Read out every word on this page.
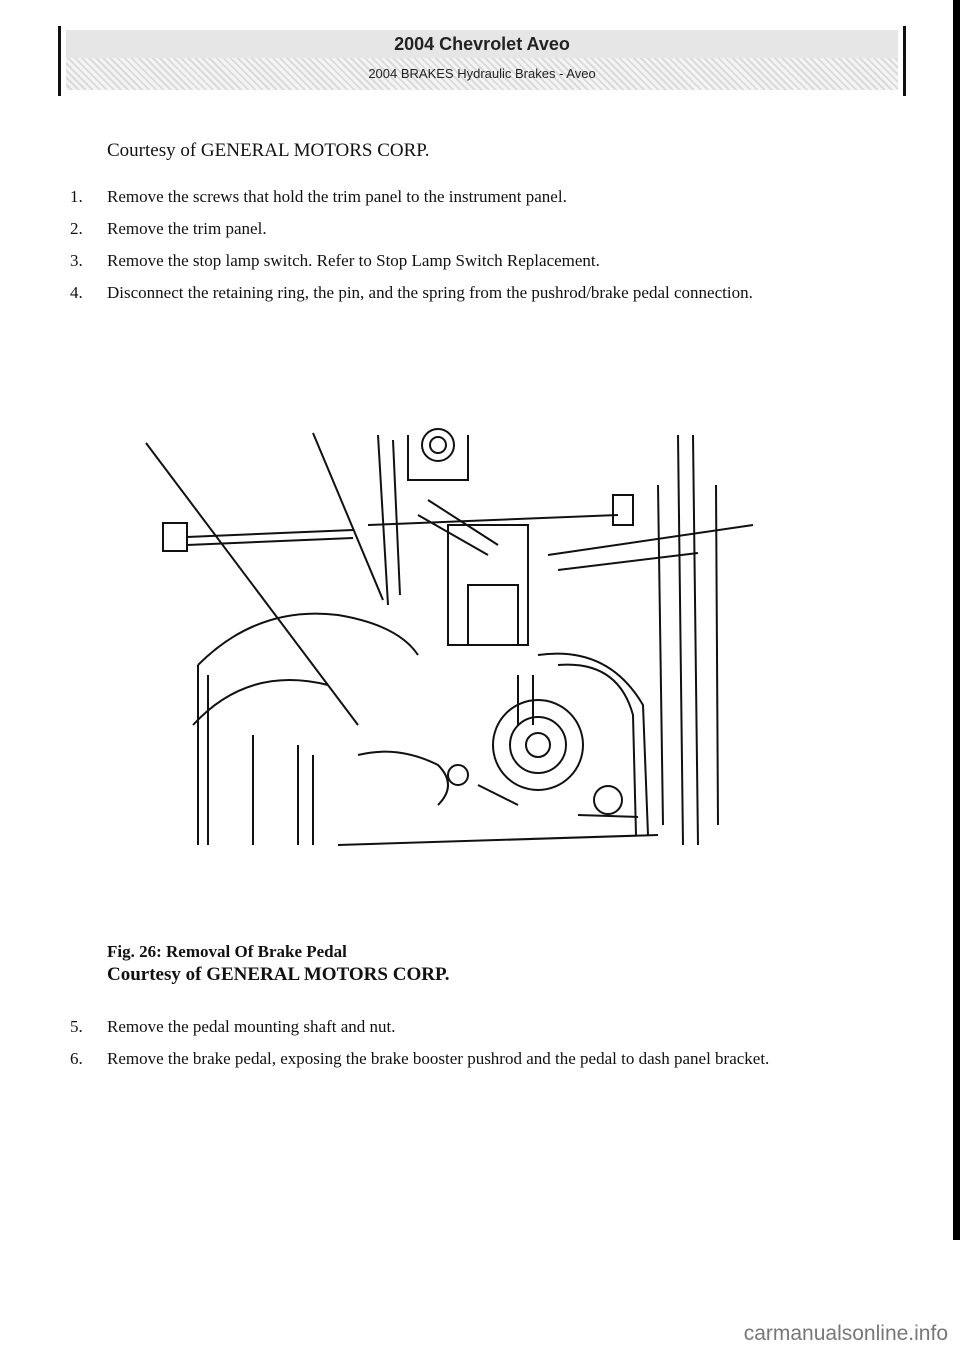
2004 Chevrolet Aveo
2004 BRAKES Hydraulic Brakes - Aveo
Courtesy of GENERAL MOTORS CORP.
1.	Remove the screws that hold the trim panel to the instrument panel.
2.	Remove the trim panel.
3.	Remove the stop lamp switch. Refer to Stop Lamp Switch Replacement.
4.	Disconnect the retaining ring, the pin, and the spring from the pushrod/brake pedal connection.
Fig. 26: Removal Of Brake Pedal
Courtesy of GENERAL MOTORS CORP.
5.	Remove the pedal mounting shaft and nut.
6.	Remove the brake pedal, exposing the brake booster pushrod and the pedal to dash panel bracket.
carmanualsonline.info
